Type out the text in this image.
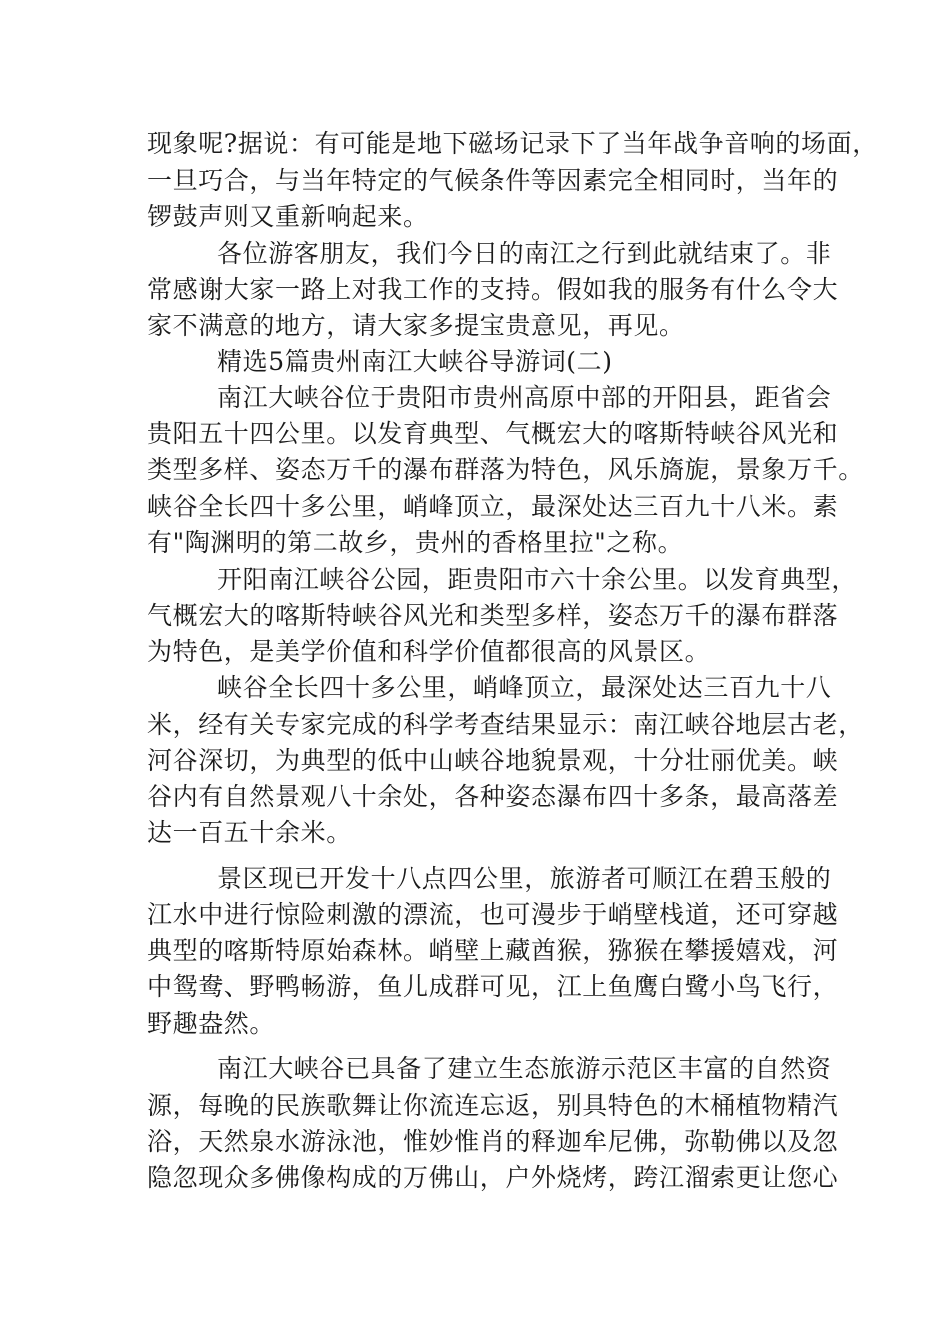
现象呢?据说：有可能是地下磁场记录下了当年战争音响的场面，
一旦巧合，与当年特定的气候条件等因素完全相同时，当年的
锣鼓声则又重新响起来。
各位游客朋友，我们今日的南江之行到此就结束了。非
常感谢大家一路上对我工作的支持。假如我的服务有什么令大
家不满意的地方，请大家多提宝贵意见，再见。
精选5篇贵州南江大峡谷导游词(二)
南江大峡谷位于贵阳市贵州高原中部的开阳县，距省会
贵阳五十四公里。以发育典型、气概宏大的喀斯特峡谷风光和
类型多样、姿态万千的瀑布群落为特色，风乐旖旎，景象万千。
峡谷全长四十多公里，峭峰顶立，最深处达三百九十八米。素
有"陶渊明的第二故乡，贵州的香格里拉"之称。
开阳南江峡谷公园，距贵阳市六十余公里。以发育典型，
气概宏大的喀斯特峡谷风光和类型多样，姿态万千的瀑布群落
为特色，是美学价值和科学价值都很高的风景区。
峡谷全长四十多公里，峭峰顶立，最深处达三百九十八
米，经有关专家完成的科学考查结果显示：南江峡谷地层古老，
河谷深切，为典型的低中山峡谷地貌景观，十分壮丽优美。峡
谷内有自然景观八十余处，各种姿态瀑布四十多条，最高落差
达一百五十余米。
景区现已开发十八点四公里，旅游者可顺江在碧玉般的
江水中进行惊险刺激的漂流，也可漫步于峭壁栈道，还可穿越
典型的喀斯特原始森林。峭壁上藏酋猴，猕猴在攀援嬉戏，河
中鸳鸯、野鸭畅游，鱼儿成群可见，江上鱼鹰白鹭小鸟飞行，
野趣盎然。
南江大峡谷已具备了建立生态旅游示范区丰富的自然资
源，每晚的民族歌舞让你流连忘返，别具特色的木桶植物精汽
浴，天然泉水游泳池，惟妙惟肖的释迦牟尼佛，弥勒佛以及忽
隐忽现众多佛像构成的万佛山，户外烧烤，跨江溜索更让您心
